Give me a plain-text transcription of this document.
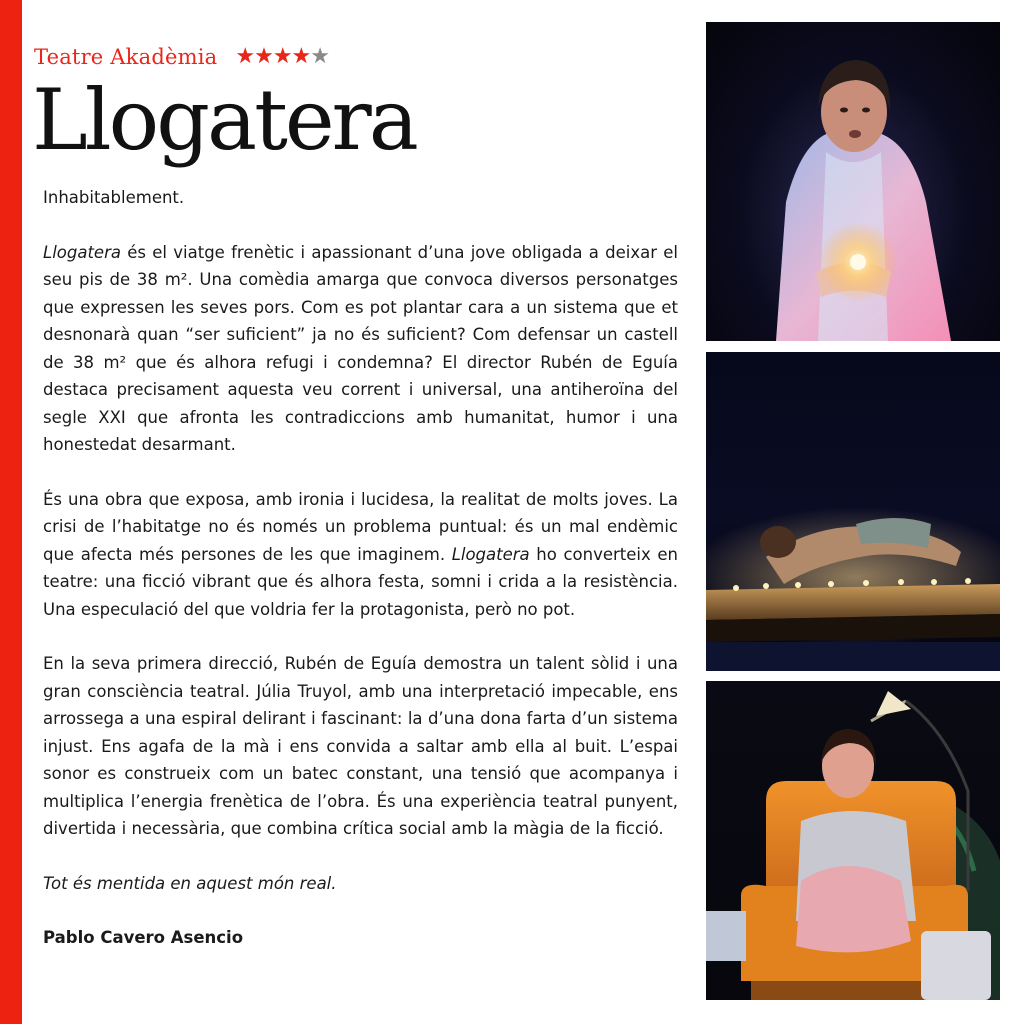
Teatre Akadèmia ★★★★★
Llogatera

Inhabitablement.

Llogatera és el viatge frenètic i apassionant d’una jove obligada a deixar el seu pis de 38 m². Una comèdia amarga que convoca diversos personatges que expressen les seves pors. Com es pot plantar cara a un sistema que et desnonarà quan “ser suficient” ja no és suficient? Com defensar un castell de 38 m² que és alhora refugi i condemna? El director Rubén de Eguía destaca precisament aquesta veu corrent i universal, una antiheroïna del segle XXI que afronta les contradiccions amb humanitat, humor i una honestedat desarmant.

És una obra que exposa, amb ironia i lucidesa, la realitat de molts joves. La crisi de l’habitatge no és només un problema puntual: és un mal endèmic que afecta més persones de les que imaginem. Llogatera ho converteix en teatre: una ficció vibrant que és alhora festa, somni i crida a la resistència. Una especulació del que voldria fer la protagonista, però no pot.

En la seva primera direcció, Rubén de Eguía demostra un talent sòlid i una gran consciència teatral. Júlia Truyol, amb una interpretació impecable, ens arrossega a una espiral delirant i fascinant: la d’una dona farta d’un sistema injust. Ens agafa de la mà i ens convida a saltar amb ella al buit. L’espai sonor es construeix com un batec constant, una tensió que acompanya i multiplica l’energia frenètica de l’obra. És una experiència teatral punyent, divertida i necessària, que combina crítica social amb la màgia de la ficció.

Tot és mentida en aquest món real.

Pablo Cavero Asencio
